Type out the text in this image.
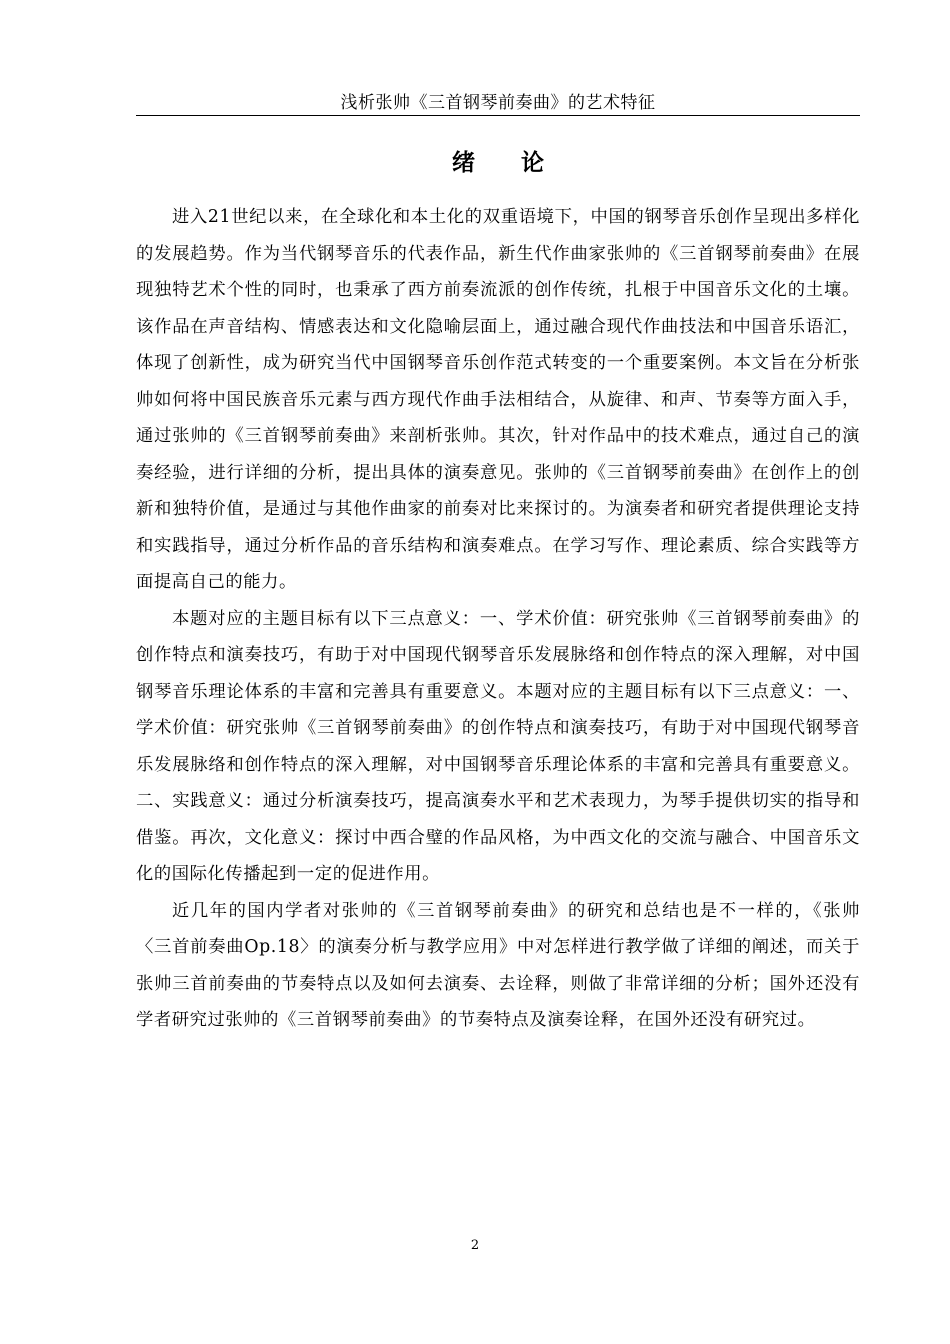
浅析张帅《三首钢琴前奏曲》的艺术特征
绪 论

进入21世纪以来，在全球化和本土化的双重语境下，中国的钢琴音乐创作呈现出多样化的发展趋势。作为当代钢琴音乐的代表作品，新生代作曲家张帅的《三首钢琴前奏曲》在展现独特艺术个性的同时，也秉承了西方前奏流派的创作传统，扎根于中国音乐文化的土壤。该作品在声音结构、情感表达和文化隐喻层面上，通过融合现代作曲技法和中国音乐语汇，体现了创新性，成为研究当代中国钢琴音乐创作范式转变的一个重要案例。本文旨在分析张帅如何将中国民族音乐元素与西方现代作曲手法相结合，从旋律、和声、节奏等方面入手，通过张帅的《三首钢琴前奏曲》来剖析张帅。其次，针对作品中的技术难点，通过自己的演奏经验，进行详细的分析，提出具体的演奏意见。张帅的《三首钢琴前奏曲》在创作上的创新和独特价值，是通过与其他作曲家的前奏对比来探讨的。为演奏者和研究者提供理论支持和实践指导，通过分析作品的音乐结构和演奏难点。在学习写作、理论素质、综合实践等方面提高自己的能力。

本题对应的主题目标有以下三点意义：一、学术价值：研究张帅《三首钢琴前奏曲》的创作特点和演奏技巧，有助于对中国现代钢琴音乐发展脉络和创作特点的深入理解，对中国钢琴音乐理论体系的丰富和完善具有重要意义。本题对应的主题目标有以下三点意义：一、学术价值：研究张帅《三首钢琴前奏曲》的创作特点和演奏技巧，有助于对中国现代钢琴音乐发展脉络和创作特点的深入理解，对中国钢琴音乐理论体系的丰富和完善具有重要意义。二、实践意义：通过分析演奏技巧，提高演奏水平和艺术表现力，为琴手提供切实的指导和借鉴。再次，文化意义：探讨中西合璧的作品风格，为中西文化的交流与融合、中国音乐文化的国际化传播起到一定的促进作用。

近几年的国内学者对张帅的《三首钢琴前奏曲》的研究和总结也是不一样的，《张帅〈三首前奏曲Op.18〉的演奏分析与教学应用》中对怎样进行教学做了详细的阐述，而关于张帅三首前奏曲的节奏特点以及如何去演奏、去诠释，则做了非常详细的分析；国外还没有学者研究过张帅的《三首钢琴前奏曲》的节奏特点及演奏诠释，在国外还没有研究过。

2
